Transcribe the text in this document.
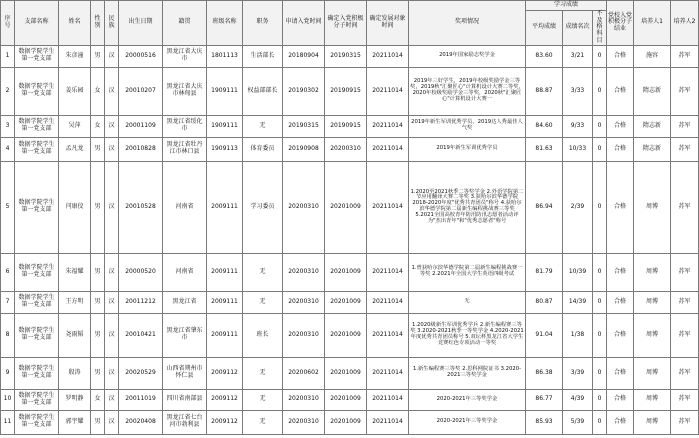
序号	支部名称	姓名	性别	民族	出生日期	籍贯	班级名称	职务	申请入党时间	确定入党积极分子时间	确定发展对象时间	奖项情况	学习成绩			党校入党积极分子结业	培养人1	培养人2
													平均成绩	成绩名次	不及格科目			
1	数据学院学生第一党支部	朱彦潼	男	汉	20000516	黑龙江省大庆市	1801113	生活部长	20180904	20190315	20211014	2019年国家励志奖学金	83.60	3/21	0	合格	施容	苏军
2	数据学院学生第一党支部	姜乐园	女	汉	20010207	黑龙江省大庆市林甸县	1909111	权益部部长	20190302	20190915	20211014	2019年三好学生，2019年校级奖励学金三等奖，2019秋"汇聚匠心"计算机设计大赛二等奖，2020年校级奖励学金三等奖，2020秋"汇聚匠心"计算机设计大赛一	88.87	3/33	0	合格	隋志新	苏军
3	数据学院学生第一党支部	吴萍	女	汉	20001109	黑龙江省绥化市	1909111	无	20190315	20190915	20211014	2019年新生军训优秀学员，2019达人秀最佳人气奖	84.60	9/33	0	合格	隋志新	苏军
4	数据学院学生第一党支部	孟凡龙	男	汉	20010828	黑龙江省牡丹江市林口县	1909113	体育委员	20190908	20200310	20211014	2019年新生军训优秀学员	81.63	10/33	0	合格	隋志新	苏军
5	数据学院学生第一党支部	闫康佼	男	汉	20010528	河南省	2009111	学习委员	20200310	20201009	20211014	1.2020至2021秋季二等奖学金 2.外语学院第二节应用翻译大赛二等奖 3.获哈尔滨华德学院2018-2020年度"优秀共青团员"称号 4.获哈尔滨华德学院第二届新生编程挑战赛三等奖 5.2021全国高校青年防汛防汛志愿者活动评为"杰出青年"和"优秀志愿者"称号	86.94	2/39	0	合格	周博	苏军
6	数据学院学生第一党支部	朱福耀	男	汉	20000520	河南省	2009111	无	20200310	20201009	20211014	1.曾获哈尔滨华德学院第二届新生编程挑战赛一等奖 2.2021年全国大学生英语四级考试	81.79	10/39	0	合格	周博	苏军
7	数据学院学生第一党支部	王方明	男	汉	20011212	黑龙江省	2009111	无	20200310	20201009	20211014	无	80.87	14/39	0	合格	周博	苏军
8	数据学院学生第一党支部	尧雨韬	男	汉	20010421	黑龙江省肇东市	2009111	班长	20200310	20201009	20211014	1.2020级新生军训优秀学兵 2.新生编程赛三等奖 3.2020-2021秋季一等奖学金 4.2020-2021年度优秀共青团员称号 5.双坛杯黑龙江省大学生竞赛红色专项活动一等奖	91.04	1/38	0	合格	周博	苏军
9	数据学院学生第一党支部	殷涛	男	汉	20020529	山西省朔州市怀仁县	2009112	无	20200602	20201009	20211014	1.新生编程赛三等奖 2.思科网院证书 3.2020-2021三等奖学金	86.38	3/39	0	合格	周博	苏军
10	数据学院学生第一党支部	罗明静	女	汉	20011019	四川省南部县	2009112	无	20200310	20201009	20211014	2020-2021年三等奖学金	86.77	4/39	0	合格	周博	苏军
11	数据学院学生第一党支部	郭宇耀	男	汉	20020408	黑龙江省七台河市勃利县	2009112	无	20200310	20201009	20211014	2020-2021年三等奖学金	85.93	5/39	0	合格	周博	苏军
